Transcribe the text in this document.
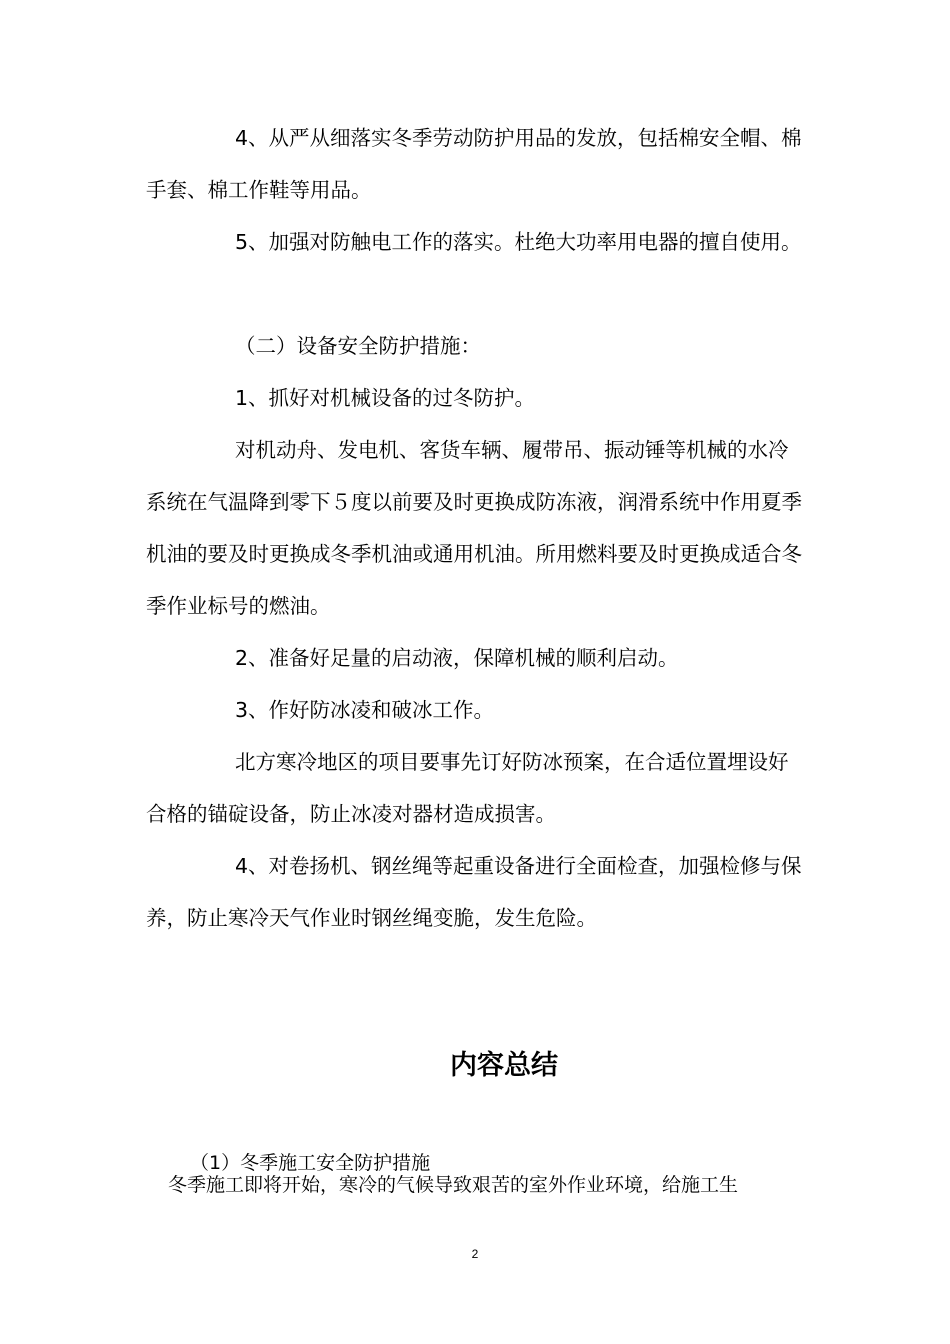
4、从严从细落实冬季劳动防护用品的发放，包括棉安全帽、棉手套、棉工作鞋等用品。

5、加强对防触电工作的落实。杜绝大功率用电器的擅自使用。

（二）设备安全防护措施：

1、抓好对机械设备的过冬防护。

对机动舟、发电机、客货车辆、履带吊、振动锤等机械的水冷系统在气温降到零下５度以前要及时更换成防冻液，润滑系统中作用夏季机油的要及时更换成冬季机油或通用机油。所用燃料要及时更换成适合冬季作业标号的燃油。

2、准备好足量的启动液，保障机械的顺利启动。

3、作好防冰凌和破冰工作。

北方寒冷地区的项目要事先订好防冰预案，在合适位置埋设好合格的锚碇设备，防止冰凌对器材造成损害。

4、对卷扬机、钢丝绳等起重设备进行全面检查，加强检修与保养，防止寒冷天气作业时钢丝绳变脆，发生危险。

内容总结

（1）冬季施工安全防护措施

冬季施工即将开始，寒冷的气候导致艰苦的室外作业环境，给施工生

2
